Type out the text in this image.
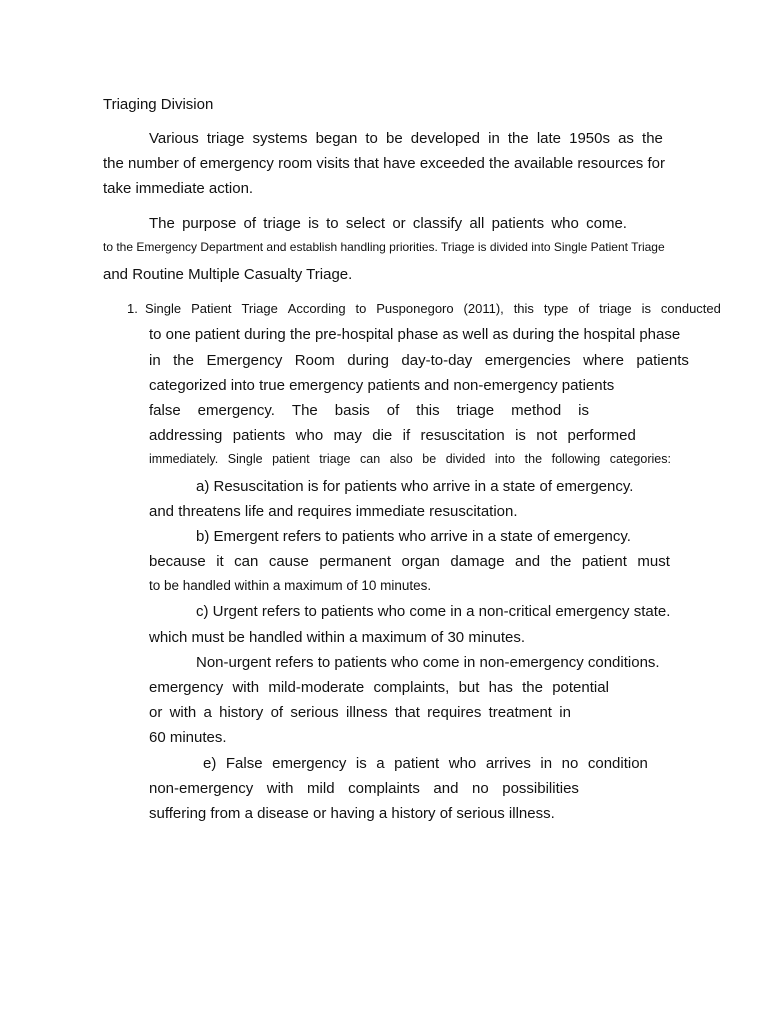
Triaging Division

Various triage systems began to be developed in the late 1950s as the

the number of emergency room visits that have exceeded the available resources for

take immediate action.

The purpose of triage is to select or classify all patients who come.

to the Emergency Department and establish handling priorities. Triage is divided into Single Patient Triage

and Routine Multiple Casualty Triage.

1. Single Patient Triage According to Pusponegoro (2011), this type of triage is conducted

to one patient during the pre-hospital phase as well as during the hospital phase

in the Emergency Room during day-to-day emergencies where patients

categorized into true emergency patients and non-emergency patients

false emergency. The basis of this triage method is

addressing patients who may die if resuscitation is not performed

immediately. Single patient triage can also be divided into the following categories:

a) Resuscitation is for patients who arrive in a state of emergency.

and threatens life and requires immediate resuscitation.

b) Emergent refers to patients who arrive in a state of emergency.

because it can cause permanent organ damage and the patient must

to be handled within a maximum of 10 minutes.

c) Urgent refers to patients who come in a non-critical emergency state.

which must be handled within a maximum of 30 minutes.

Non-urgent refers to patients who come in non-emergency conditions.

emergency with mild-moderate complaints, but has the potential

or with a history of serious illness that requires treatment in

60 minutes.

e) False emergency is a patient who arrives in no condition

non-emergency with mild complaints and no possibilities

suffering from a disease or having a history of serious illness.
